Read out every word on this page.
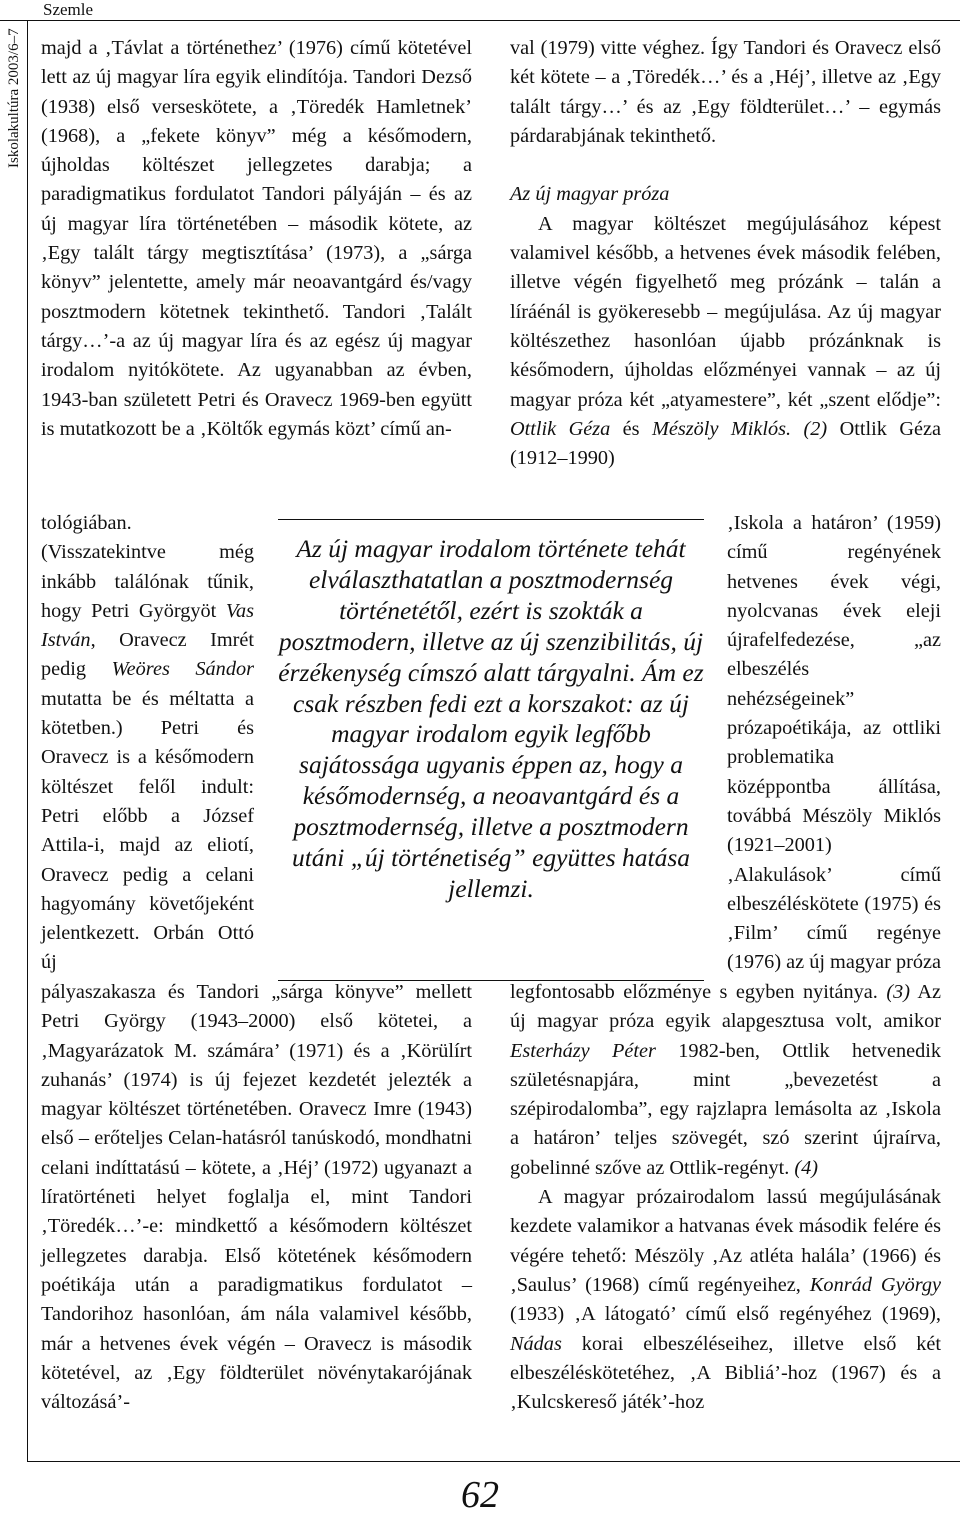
Szemle
Iskolakultúra 2003/6–7 majd a ‚Távlat a történethez’ (1976) című kötetével lett az új magyar líra egyik elindítója. Tandori Dezső (1938) első verseskötete, a ‚Töredék Hamletnek’ (1968), a „fekete könyv” még a későmodern, újholdas költészet jellegzetes darabja; a paradigmatikus fordulatot Tandori pályáján – és az új magyar líra történetében – második kötete, az ‚Egy talált tárgy megtisztítása’ (1973), a „sárga könyv” jelentette, amely már neoavantgárd és/vagy posztmodern kötetnek tekinthető. Tandori ‚Talált tárgy…’-a az új magyar líra és az egész új magyar irodalom nyitókötete. Az ugyanabban az évben, 1943-ban született Petri és Oravecz 1969-ben együtt is mutatkozott be a ‚Költők egymás közt’ című an-

tológiában. (Visszatekintve még inkább találónak tűnik, hogy Petri Györgyöt Vas István, Oravecz Imrét pedig Weöres Sándor mutatta be és méltatta a kötetben.) Petri és Oravecz is a későmodern költészet felől indult: Petri előbb a József Attila-i, majd az eliotí, Oravecz pedig a celani hagyomány követőjeként jelentkezett. Orbán Ottó új

pályaszakasza és Tandori „sárga könyve” mellett Petri György (1943–2000) első kötetei, a ‚Magyarázatok M. számára’ (1971) és a ‚Körülírt zuhanás’ (1974) is új fejezet kezdetét jelezték a magyar költészet történetében. Oravecz Imre (1943) első – erőteljes Celan-hatásról tanúskodó, mondhatni celani indíttatású – kötete, a ‚Héj’ (1972) ugyanazt a líratörténeti helyet foglalja el, mint Tandori ‚Töredék…’-e: mindkettő a későmodern költészet jellegzetes darabja. Első kötetének későmodern poétikája után a paradigmatikus fordulatot – Tandorihoz hasonlóan, ám nála valamivel később, már a hetvenes évek végén – Oravecz is második kötetével, az ‚Egy földterület növénytakarójának változásá’-

val (1979) vitte véghez. Így Tandori és Oravecz első két kötete – a ‚Töredék…’ és a ‚Héj’, illetve az ‚Egy talált tárgy…’ és az ‚Egy földterület…’ – egymás párdarabjának tekinthető.

Az új magyar próza

A magyar költészet megújulásához képest valamivel később, a hetvenes évek második felében, illetve végén figyelhető meg prózánk – talán a líráénál is gyökeresebb – megújulása. Az új magyar költészethez hasonlóan újabb prózánknak is későmodern, újholdas előzményei vannak – az új magyar próza két „atyamestere”, két „szent elődje”: Ottlik Géza és Mészöly Miklós. (2) Ottlik Géza (1912–1990)

‚Iskola a határon’ (1959) című regényének hetvenes évek végi, nyolcvanas évek eleji újrafelfedezése, „az elbeszélés nehézségeinek” prózapoétikája, az ottliki problematika középpontba állítása, továbbá Mészöly Miklós (1921–2001) ‚Alakulások’ című elbeszéléskötete (1975) és ‚Film’ című regénye (1976) az új magyar próza

legfontosabb előzménye s egyben nyitánya. (3) Az új magyar próza egyik alapgesztusa volt, amikor Esterházy Péter 1982-ben, Ottlik hetvenedik születésnapjára, mint „bevezetést a szépirodalomba”, egy rajzlapra lemásolta az ‚Iskola a határon’ teljes szövegét, szó szerint újraírva, gobelinné szőve az Ottlik-regényt. (4)

A magyar prózairodalom lassú megújulásának kezdete valamikor a hatvanas évek második felére és végére tehető: Mészöly ‚Az atléta halála’ (1966) és ‚Saulus’ (1968) című regényeihez, Konrád György (1933) ‚A látogató’ című első regényéhez (1969), Nádas korai elbeszéléseihez, illetve első két elbeszéléskötetéhez, ‚A Bibliá’-hoz (1967) és a ‚Kulcskereső játék’-hoz

Az új magyar irodalom története tehát elválaszthatatlan a posztmodernség történetétől, ezért is szokták a posztmodern, illetve az új szenzibilitás, új érzékenység címszó alatt tárgyalni. Ám ez csak részben fedi ezt a korszakot: az új magyar irodalom egyik legfőbb sajátossága ugyanis éppen az, hogy a későmodernség, a neoavantgárd és a posztmodernség, illetve a posztmodern utáni „új történetiség” együttes hatása jellemzi.
62
